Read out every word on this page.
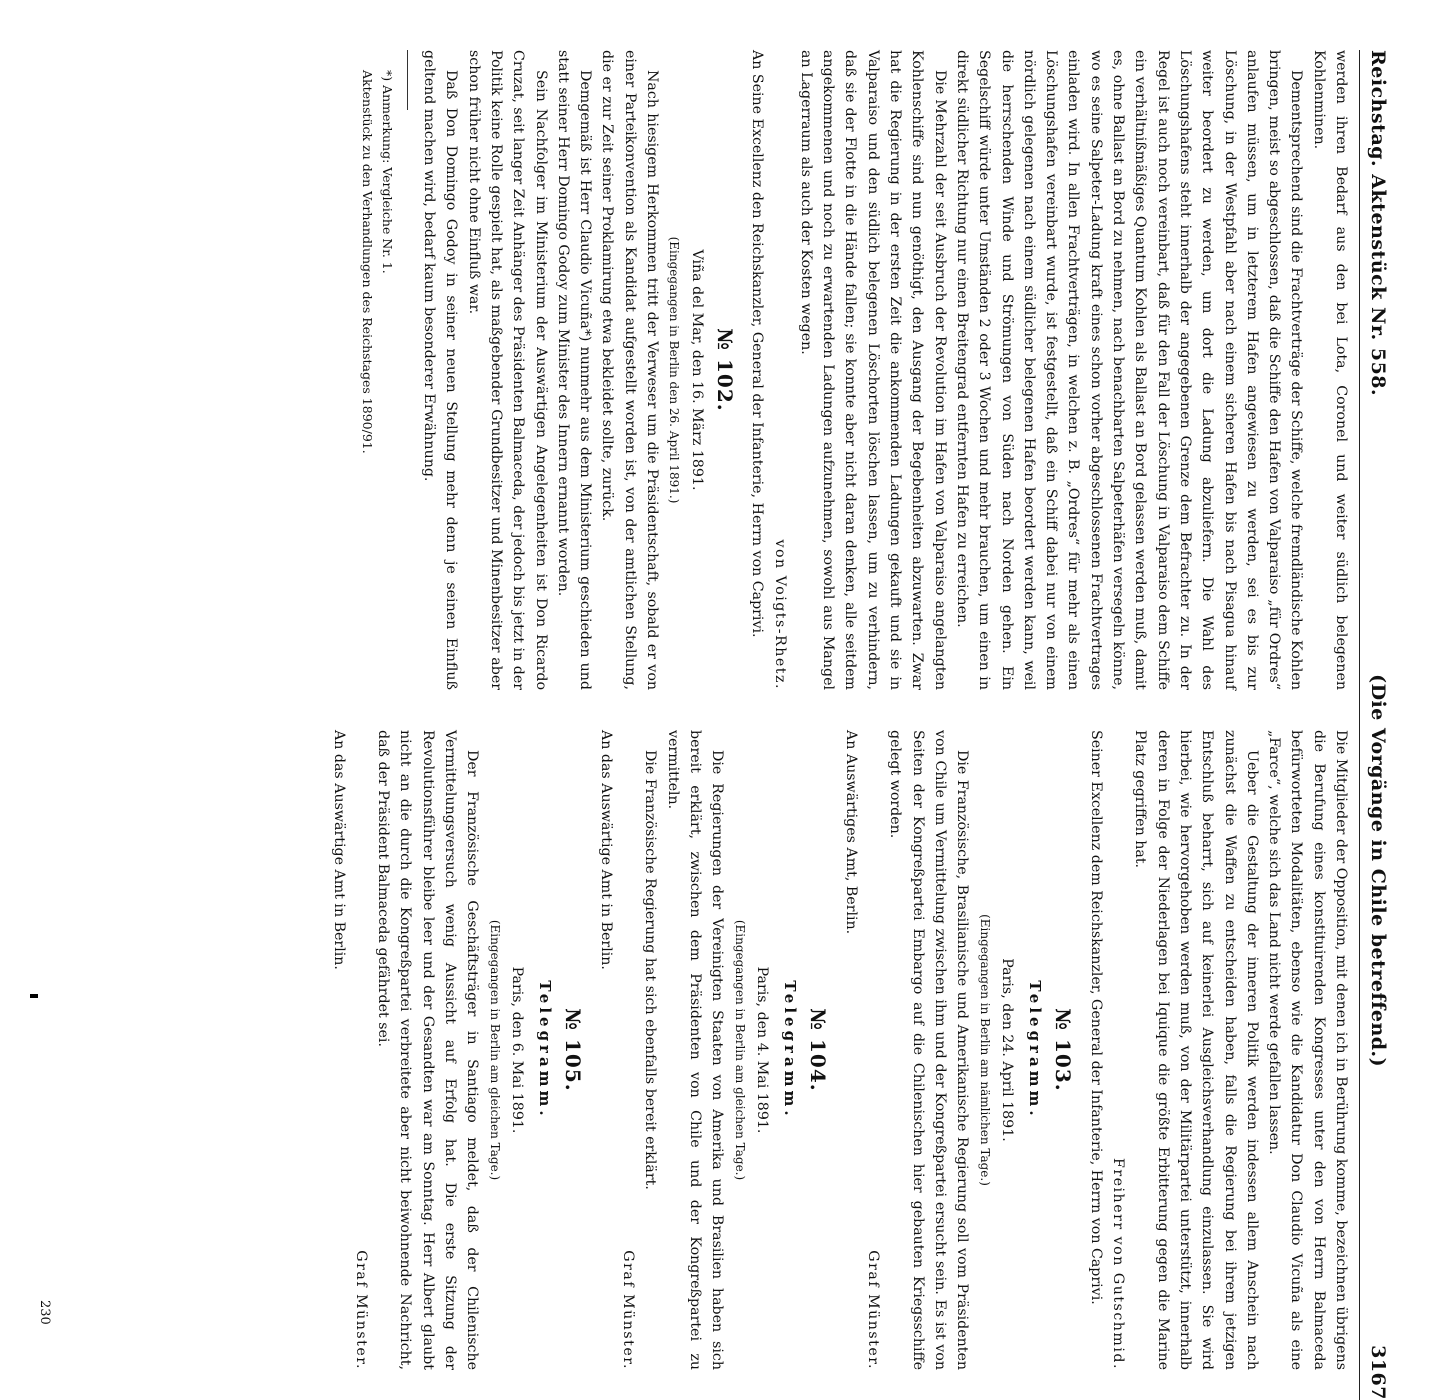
Reichstag. Aktenstück Nr. 558.
(Die Vorgänge in Chile betreffend.)
3167

werden ihren Bedarf aus den bei Lota, Coronel und weiter südlich belegenen Kohlenminen.

Dementsprechend sind die Frachtverträge der Schiffe, welche fremdländische Kohlen bringen, meist so abgeschlossen, daß die Schiffe den Hafen von Valparaiso „für Ordres“ anlaufen müssen, um in letzterem Hafen angewiesen zu werden, sei es bis zur Löschung, in der Westpfahl aber nach einem sicheren Hafen bis nach Pisagua hinauf weiter beordert zu werden, um dort die Ladung abzuliefern. Die Wahl des Löschungshafens steht innerhalb der angegebenen Grenze dem Befrachter zu. In der Regel ist auch noch vereinbart, daß für den Fall der Löschung in Valparaiso dem Schiffe ein verhältnißmäßiges Quantum Kohlen als Ballast an Bord gelassen werden muß, damit es, ohne Ballast an Bord zu nehmen, nach benachbarten Salpeterhäfen versegeln könne, wo es seine Salpeter-Ladung kraft eines schon vorher abgeschlossenen Frachtvertrages einladen wird. In allen Frachtverträgen, in welchen z. B. „Ordres“ für mehr als einen Löschungshafen vereinbart wurde, ist festgestellt, daß ein Schiff dabei nur von einem nördlich gelegenen nach einem südlicher belegenen Hafen beordert werden kann, weil die herrschenden Winde und Strömungen von Süden nach Norden gehen. Ein Segelschiff würde unter Umständen 2 oder 3 Wochen und mehr brauchen, um einen in direkt südlicher Richtung nur einen Breitengrad entfernten Hafen zu erreichen.

Die Mehrzahl der seit Ausbruch der Revolution im Hafen von Valparaiso angelangten Kohlenschiffe sind nun genöthigt, den Ausgang der Begebenheiten abzuwarten. Zwar hat die Regierung in der ersten Zeit die ankommenden Ladungen gekauft und sie in Valparaiso und den südlich belegenen Löschorten löschen lassen, um zu verhindern, daß sie der Flotte in die Hände fallen; sie konnte aber nicht daran denken, alle seitdem angekommenen und noch zu erwartenden Ladungen aufzunehmen, sowohl aus Mangel an Lagerraum als auch der Kosten wegen.

von Voigts-Rhetz.

An Seine Excellenz den Reichskanzler, General der Infanterie, Herrn von Caprivi.

№ 102.

Viña del Mar, den 16. März 1891.

(Eingegangen in Berlin den 26. April 1891.)

Nach hiesigem Herkommen tritt der Verweser um die Präsidentschaft, sobald er von einer Parteikonvention als Kandidat aufgestellt worden ist, von der amtlichen Stellung, die er zur Zeit seiner Proklamirung etwa bekleidet sollte, zurück.

Demgemäß ist Herr Claudio Vicuña*) nunmehr aus dem Ministerium geschieden und statt seiner Herr Domingo Godoy zum Minister des Innern ernannt worden.

Sein Nachfolger im Ministerium der Auswärtigen Angelegenheiten ist Don Ricardo Cruzat, seit langer Zeit Anhänger des Präsidenten Balmaceda, der jedoch bis jetzt in der Politik keine Rolle gespielt hat, als maßgebender Grundbesitzer und Minenbesitzer aber schon früher nicht ohne Einfluß war.

Daß Don Domingo Godoy in seiner neuen Stellung mehr denn je seinen Einfluß geltend machen wird, bedarf kaum besonderer Erwähnung.

*) Anmerkung: Vergleiche Nr. 1.

Aktenstück zu den Verhandlungen des Reichstages 1890/91.

Die Mitglieder der Opposition, mit denen ich in Berührung komme, bezeichnen übrigens die Berufung eines konstituirenden Kongresses unter den von Herrn Balmaceda befürworteten Modalitäten, ebenso wie die Kandidatur Don Claudio Vicuña als eine „Farce“, welche sich das Land nicht werde gefallen lassen.

Ueber die Gestaltung der inneren Politik werden indessen allem Anschein nach zunächst die Waffen zu entscheiden haben, falls die Regierung bei ihrem jetzigen Entschluß beharrt, sich auf keinerlei Ausgleichsverhandlung einzulassen. Sie wird hierbei, wie hervorgehoben werden muß, von der Militärpartei unterstützt, innerhalb deren in Folge der Niederlagen bei Iquique die größte Erbitterung gegen die Marine Platz gegriffen hat.

Freiherr von Gutschmid.

Seiner Excellenz dem Reichskanzler, General der Infanterie, Herrn von Caprivi.

№ 103.
Telegramm.

Paris, den 24. April 1891.

(Eingegangen in Berlin am nämlichen Tage.)

Die Französische, Brasilianische und Amerikanische Regierung soll vom Präsidenten von Chile um Vermittelung zwischen ihm und der Kongreßpartei ersucht sein. Es ist von Seiten der Kongreßpartei Embargo auf die Chilenischen hier gebauten Kriegsschiffe gelegt worden.

Graf Münster.

An Auswärtiges Amt, Berlin.

№ 104.
Telegramm.

Paris, den 4. Mai 1891.

(Eingegangen in Berlin am gleichen Tage.)

Die Regierungen der Vereinigten Staaten von Amerika und Brasilien haben sich bereit erklärt, zwischen dem Präsidenten von Chile und der Kongreßpartei zu vermitteln.

Die Französische Regierung hat sich ebenfalls bereit erklärt.

Graf Münster.

An das Auswärtige Amt in Berlin.

№ 105.
Telegramm.

Paris, den 6. Mai 1891.

(Eingegangen in Berlin am gleichen Tage.)

Der Französische Geschäftsträger in Santiago meldet, daß der Chilenische Vermittelungsversuch wenig Aussicht auf Erfolg hat. Die erste Sitzung der Revolutionsführer bleibe leer und der Gesandten war am Sonntag. Herr Albert glaubt nicht an die durch die Kongreßpartei verbreitete aber nicht beiwohnende Nachricht, daß der Präsident Balmaceda gefährdet sei.

Graf Münster.

An das Auswärtige Amt in Berlin.

230
